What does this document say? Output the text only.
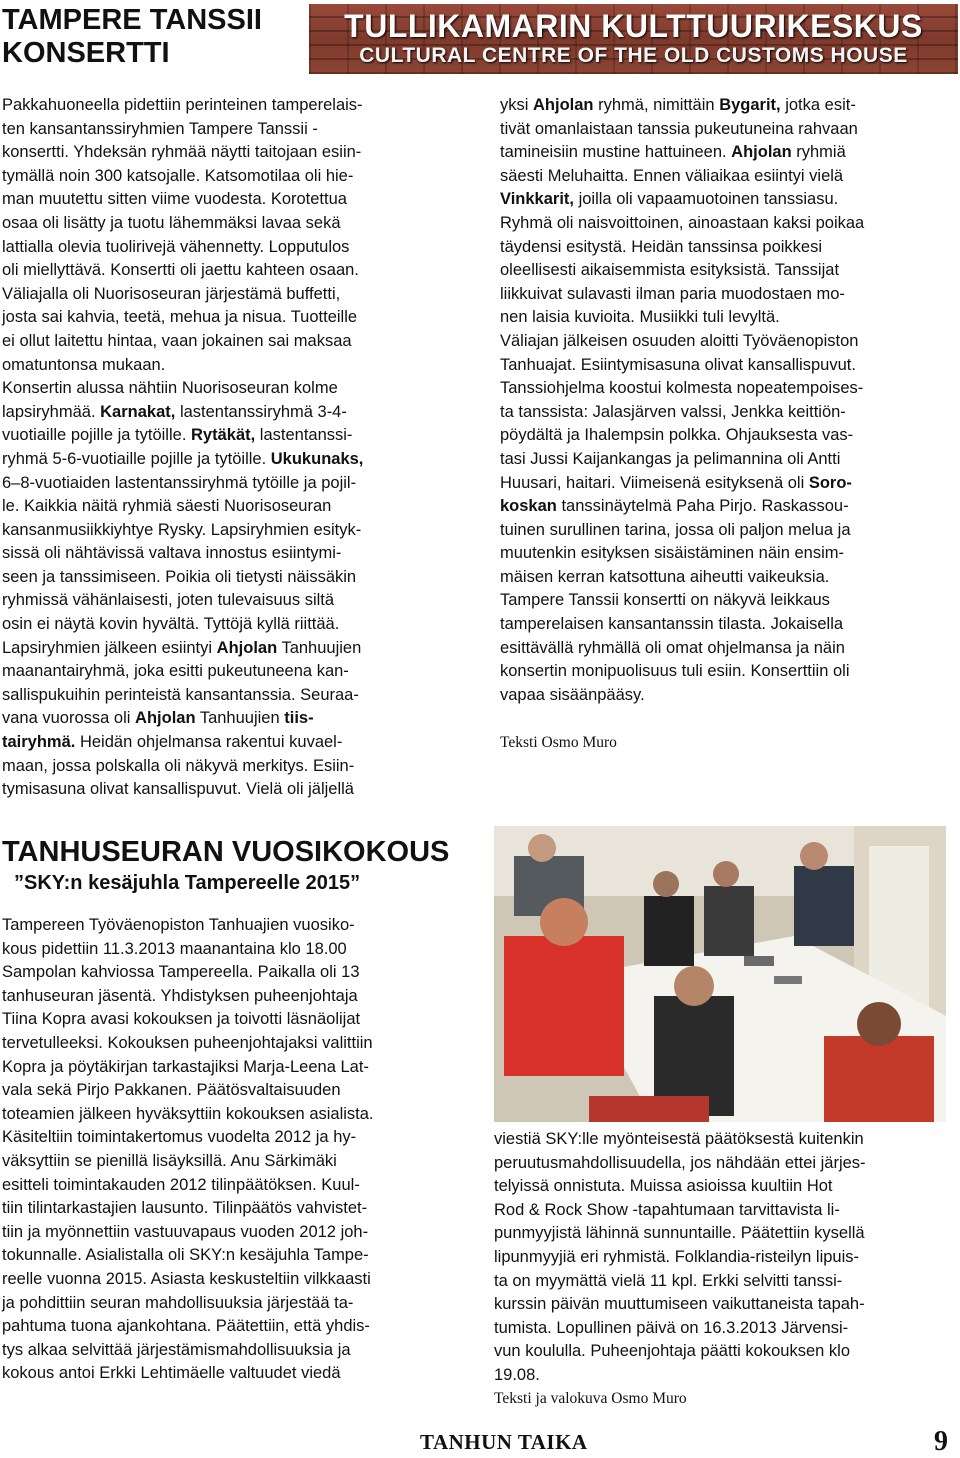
TAMPERE TANSSII KONSERTTI
TULLIKAMARIN KULTTUURIKESKUS
CULTURAL CENTRE OF THE OLD CUSTOMS HOUSE
Pakkahuoneella pidettiin perinteinen tamperelais-
ten kansantanssiryhmien Tampere Tanssii -
konsertti. Yhdeksän ryhmää näytti taitojaan esiin-
tymällä noin 300 katsojalle. Katsomotilaa oli hie-
man muutettu sitten viime vuodesta. Korotettua
osaa oli lisätty ja tuotu lähemmäksi lavaa sekä
lattialla olevia tuolirivejä vähennetty. Lopputulos
oli miellyttävä. Konsertti oli jaettu kahteen osaan.
Väliajalla oli Nuorisoseuran järjestämä buffetti,
josta sai kahvia, teetä, mehua ja nisua. Tuotteille
ei ollut laitettu hintaa, vaan jokainen sai maksaa
omatuntonsa mukaan.
Konsertin alussa nähtiin Nuorisoseuran kolme
lapsiryhmää. Karnakat, lastentanssiryhmä 3-4-
vuotiaille pojille ja tytöille. Rytäkät, lastentanssi-
ryhmä 5-6-vuotiaille pojille ja tytöille. Ukukunaks,
6–8-vuotiaiden lastentanssiryhmä tytöille ja pojil-
le. Kaikkia näitä ryhmiä säesti Nuorisoseuran
kansanmusiikkiyhtye Rysky. Lapsiryhmien esityk-
sissä oli nähtävissä valtava innostus esiintymi-
seen ja tanssimiseen. Poikia oli tietysti näissäkin
ryhmissä vähänlaisesti, joten tulevaisuus siltä
osin ei näytä kovin hyvältä. Tyttöjä kyllä riittää.
Lapsiryhmien jälkeen esiintyi Ahjolan Tanhuujien
maanantairyhmä, joka esitti pukeutuneena kan-
sallispukuihin perinteistä kansantanssia. Seuraa-
vana vuorossa oli Ahjolan Tanhuujien tiis-
tairyhmä. Heidän ohjelmansa rakentui kuvael-
maan, jossa polskalla oli näkyvä merkitys. Esiin-
tymisasuna olivat kansallispuvut. Vielä oli jäljellä
yksi Ahjolan ryhmä, nimittäin Bygarit, jotka esit-
tivät omanlaistaan tanssia pukeutuneina rahvaan
tamineisiin mustine hattuineen. Ahjolan ryhmiä
säesti Meluhaitta. Ennen väliaikaa esiintyi vielä
Vinkkarit, joilla oli vapaamuotoinen tanssiasu.
Ryhmä oli naisvoittoinen, ainoastaan kaksi poikaa
täydensi esitystä. Heidän tanssinsa poikkesi
oleellisesti aikaisemmista esityksistä. Tanssijat
liikkuivat sulavasti ilman paria muodostaen mo-
nen laisia kuvioita. Musiikki tuli levyltä.
Väliajan jälkeisen osuuden aloitti Työväenopiston
Tanhuajat. Esiintymisasuna olivat kansallispuvut.
Tanssiohjelma koostui kolmesta nopeatempoises-
ta tanssista: Jalasjärven valssi, Jenkka keittiön-
pöydältä ja Ihalempsin polkka. Ohjauksesta vas-
tasi Jussi Kaijankangas ja pelimannina oli Antti
Huusari, haitari. Viimeisenä esityksenä oli Soro-
koskan tanssinäytelmä Paha Pirjo. Raskassou-
tuinen surullinen tarina, jossa oli paljon melua ja
muutenkin esityksen sisäistäminen näin ensim-
mäisen kerran katsottuna aiheutti vaikeuksia.
Tampere Tanssii konsertti on näkyvä leikkaus
tamperelaisen kansantanssin tilasta. Jokaisella
esittävällä ryhmällä oli omat ohjelmansa ja näin
konsertin monipuolisuus tuli esiin. Konserttiin oli
vapaa sisäänpääsy.
Teksti Osmo Muro
TANHUSEURAN VUOSIKOKOUS
”SKY:n kesäjuhla Tampereelle 2015”
Tampereen Työväenopiston Tanhuajien vuosiko-
kous pidettiin 11.3.2013 maanantaina klo 18.00
Sampolan kahviossa Tampereella. Paikalla oli 13
tanhuseuran jäsentä. Yhdistyksen puheenjohtaja
Tiina Kopra avasi kokouksen ja toivotti läsnäolijat
tervetulleeksi. Kokouksen puheenjohtajaksi valittiin
Kopra ja pöytäkirjan tarkastajiksi Marja-Leena Lat-
vala sekä Pirjo Pakkanen. Päätösvaltaisuuden
toteamien jälkeen hyväksyttiin kokouksen asialista.
Käsiteltiin toimintakertomus vuodelta 2012 ja hy-
väksyttiin se pienillä lisäyksillä. Anu Särkimäki
esitteli toimintakauden 2012 tilinpäätöksen. Kuul-
tiin tilintarkastajien lausunto. Tilinpäätös vahvistet-
tiin ja myönnettiin vastuuvapaus vuoden 2012 joh-
tokunnalle. Asialistalla oli SKY:n kesäjuhla Tampe-
reelle vuonna 2015. Asiasta keskusteltiin vilkkaasti
ja pohdittiin seuran mahdollisuuksia järjestää ta-
pahtuma tuona ajankohtana. Päätettiin, että yhdis-
tys alkaa selvittää järjestämismahdollisuuksia ja
kokous antoi Erkki Lehtimäelle valtuudet viedä
viestiä SKY:lle myönteisestä päätöksestä kuitenkin
peruutusmahdollisuudella, jos nähdään ettei järjes-
telyissä onnistuta. Muissa asioissa kuultiin Hot
Rod & Rock Show -tapahtumaan tarvittavista li-
punmyyjistä lähinnä sunnuntaille. Päätettiin kysellä
lipunmyyjiä eri ryhmistä. Folklandia-risteilyn lipuis-
ta on myymättä vielä 11 kpl. Erkki selvitti tanssi-
kurssin päivän muuttumiseen vaikuttaneista tapah-
tumista. Lopullinen päivä on 16.3.2013 Järvensi-
vun koululla. Puheenjohtaja päätti kokouksen klo
19.08.
Teksti ja valokuva Osmo Muro
TANHUN TAIKA	9
